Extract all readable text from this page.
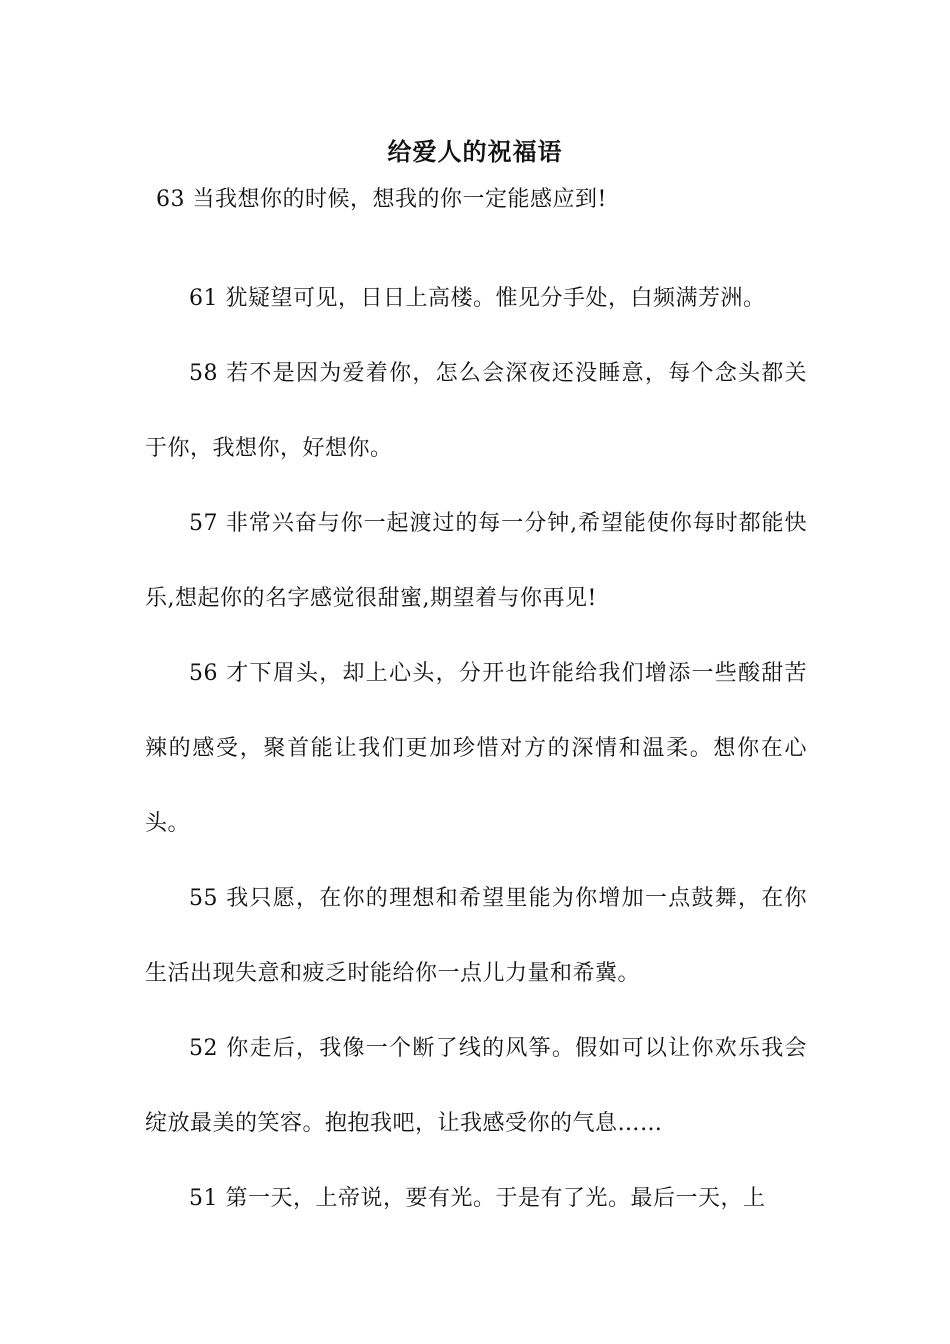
给爱人的祝福语

63 当我想你的时候，想我的你一定能感应到!

61 犹疑望可见，日日上高楼。惟见分手处，白频满芳洲。

58 若不是因为爱着你，怎么会深夜还没睡意，每个念头都关于你，我想你，好想你。

57 非常兴奋与你一起渡过的每一分钟,希望能使你每时都能快乐,想起你的名字感觉很甜蜜,期望着与你再见!

56 才下眉头，却上心头，分开也许能给我们增添一些酸甜苦辣的感受，聚首能让我们更加珍惜对方的深情和温柔。想你在心头。

55 我只愿，在你的理想和希望里能为你增加一点鼓舞，在你生活出现失意和疲乏时能给你一点儿力量和希冀。

52 你走后，我像一个断了线的风筝。假如可以让你欢乐我会绽放最美的笑容。抱抱我吧，让我感受你的气息……

51 第一天，上帝说，要有光。于是有了光。最后一天，上
